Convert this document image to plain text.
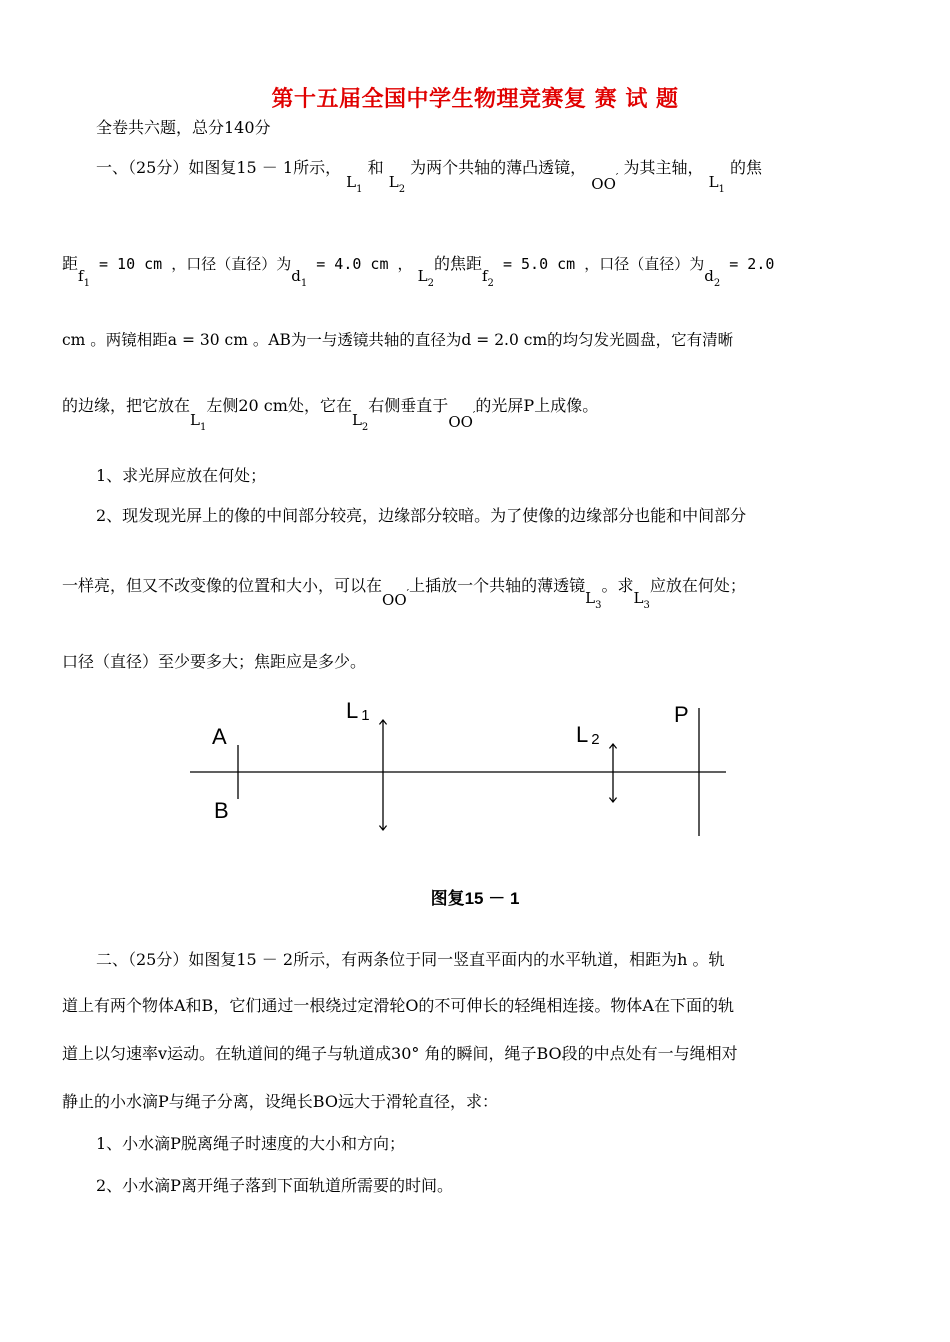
第十五届全国中学生物理竞赛复 赛 试 题
全卷共六题，总分140分
一、（25分）如图复15 － 1所示， $L_1$ 和 $L_2$ 为两个共轴的薄凸透镜， OO′ 为其主轴， $L_1$ 的焦
距$f_1 = 10$ cm ，口径（直径）为$d_1 = 4.0$ cm ， $L_2$的焦距$f_2 = 5.0$ cm ，口径（直径）为$d_2 = 2.0$
cm 。两镜相距a = 30 cm 。AB为一与透镜共轴的直径为d = 2.0 cm的均匀发光圆盘，它有清晰
的边缘，把它放在$L_1$左侧20 cm处，它在$L_2$右侧垂直于OO′的光屏P上成像。
1、求光屏应放在何处；
2、现发现光屏上的像的中间部分较亮，边缘部分较暗。为了使像的边缘部分也能和中间部分
一样亮，但又不改变像的位置和大小，可以在OO′上插放一个共轴的薄透镜$L_3$。求$L_3$应放在何处；
口径（直径）至少要多大；焦距应是多少。
A
B
L 1
L 2
P
图复15 － 1
二、（25分）如图复15 － 2所示，有两条位于同一竖直平面内的水平轨道，相距为h 。轨
道上有两个物体A和B，它们通过一根绕过定滑轮O的不可伸长的轻绳相连接。物体A在下面的轨
道上以匀速率v运动。在轨道间的绳子与轨道成30° 角的瞬间，绳子BO段的中点处有一与绳相对
静止的小水滴P与绳子分离，设绳长BO远大于滑轮直径，求：
1、小水滴P脱离绳子时速度的大小和方向；
2、小水滴P离开绳子落到下面轨道所需要的时间。
